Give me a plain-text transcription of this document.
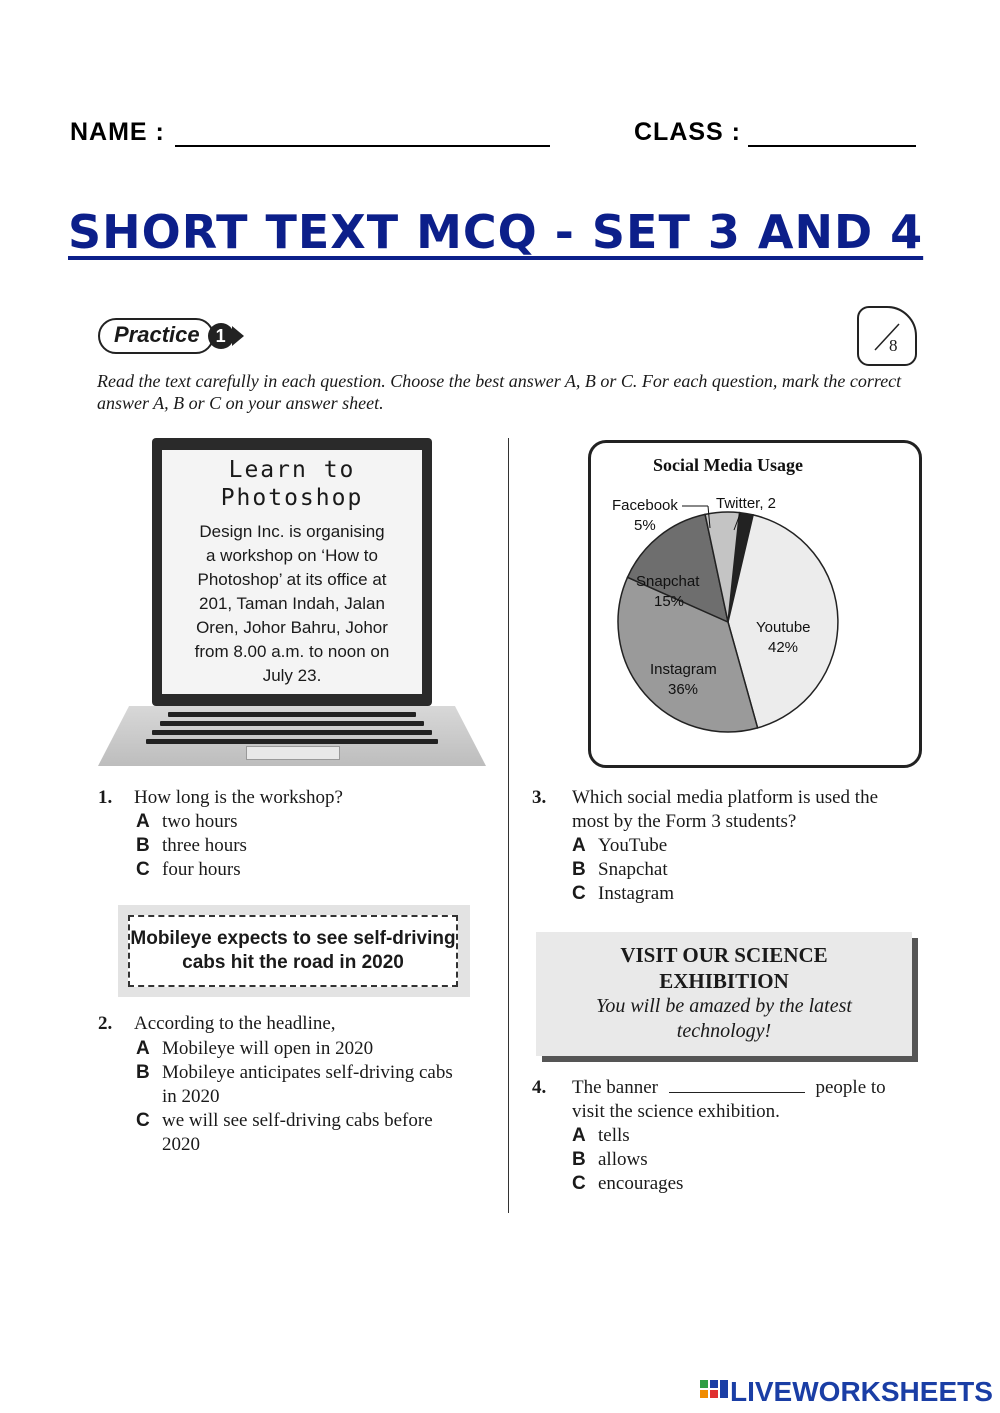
NAME :	CLASS :
SHORT TEXT MCQ - SET 3 AND 4
Practice 1	8
Read the text carefully in each question. Choose the best answer A, B or C. For each question, mark the correct answer A, B or C on your answer sheet.
Learn to
Photoshop
Design Inc. is organising
a workshop on ‘How to
Photoshop’ at its office at
201, Taman Indah, Jalan
Oren, Johor Bahru, Johor
from 8.00 a.m. to noon on
July 23.
1. How long is the workshop?
A two hours
B three hours
C four hours
Mobileye expects to see self-driving
cabs hit the road in 2020
2. According to the headline,
A Mobileye will open in 2020
B Mobileye anticipates self-driving cabs
in 2020
C we will see self-driving cabs before
2020
Social Media Usage
Facebook
5%
Twitter, 2
Snapchat
15%
Youtube
42%
Instagram
36%
3. Which social media platform is used the
most by the Form 3 students?
A YouTube
B Snapchat
C Instagram
VISIT OUR SCIENCE
EXHIBITION
You will be amazed by the latest
technology!
4. The banner	people to
visit the science exhibition.
A tells
B allows
C encourages
LIVEWORKSHEETS
